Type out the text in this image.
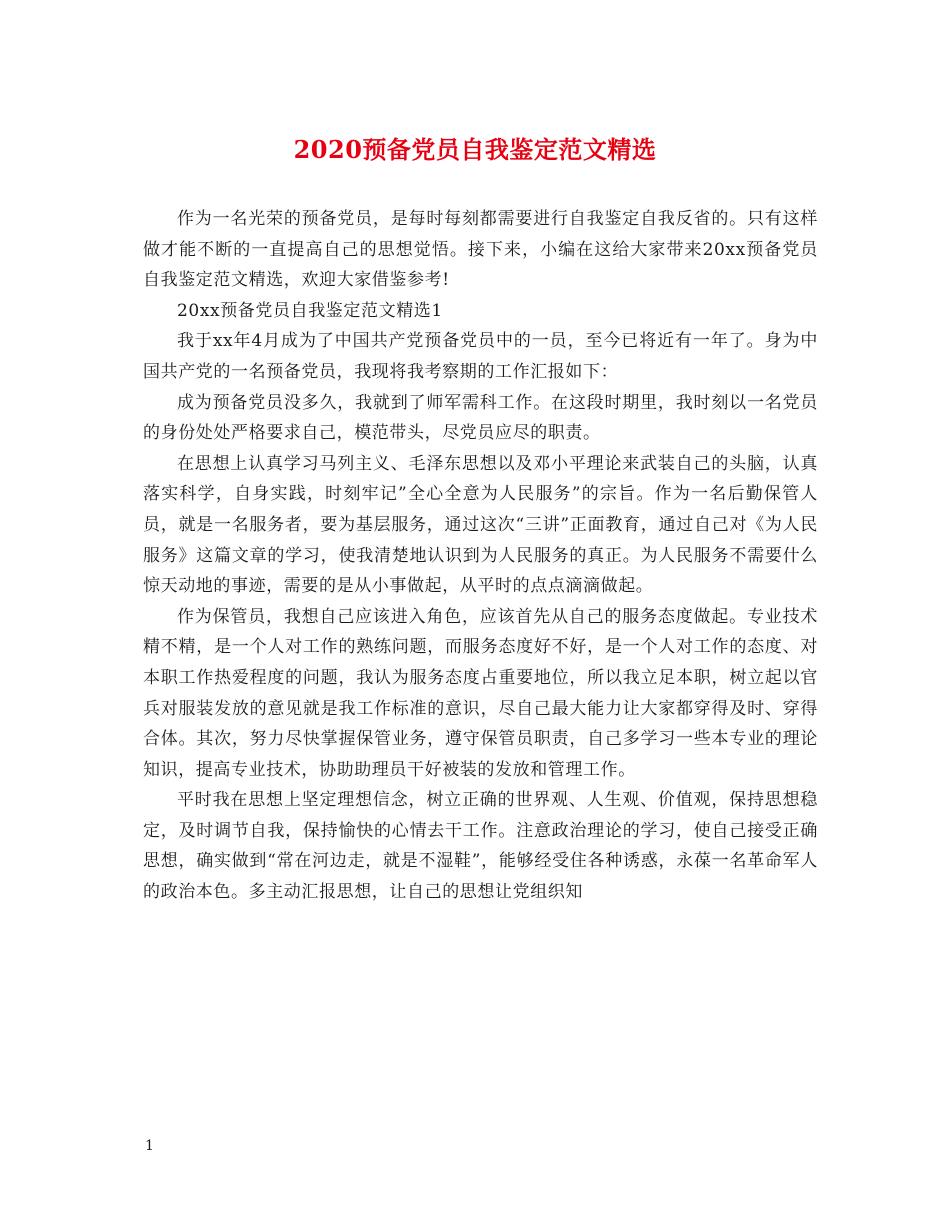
2020预备党员自我鉴定范文精选

作为一名光荣的预备党员，是每时每刻都需要进行自我鉴定自我反省的。只有这样做才能不断的一直提高自己的思想觉悟。接下来，小编在这给大家带来20xx预备党员自我鉴定范文精选，欢迎大家借鉴参考!

20xx预备党员自我鉴定范文精选1

我于xx年4月成为了中国共产党预备党员中的一员，至今已将近有一年了。身为中国共产党的一名预备党员，我现将我考察期的工作汇报如下：

成为预备党员没多久，我就到了师军需科工作。在这段时期里，我时刻以一名党员的身份处处严格要求自己，模范带头，尽党员应尽的职责。

在思想上认真学习马列主义、毛泽东思想以及邓小平理论来武装自己的头脑，认真落实科学，自身实践，时刻牢记”全心全意为人民服务”的宗旨。作为一名后勤保管人员，就是一名服务者，要为基层服务，通过这次“三讲”正面教育，通过自己对《为人民服务》这篇文章的学习，使我清楚地认识到为人民服务的真正。为人民服务不需要什么惊天动地的事迹，需要的是从小事做起，从平时的点点滴滴做起。

作为保管员，我想自己应该进入角色，应该首先从自己的服务态度做起。专业技术精不精，是一个人对工作的熟练问题，而服务态度好不好，是一个人对工作的态度、对本职工作热爱程度的问题，我认为服务态度占重要地位，所以我立足本职，树立起以官兵对服装发放的意见就是我工作标准的意识，尽自己最大能力让大家都穿得及时、穿得合体。其次，努力尽快掌握保管业务，遵守保管员职责，自己多学习一些本专业的理论知识，提高专业技术，协助助理员干好被装的发放和管理工作。

平时我在思想上坚定理想信念，树立正确的世界观、人生观、价值观，保持思想稳定，及时调节自我，保持愉快的心情去干工作。注意政治理论的学习，使自己接受正确思想，确实做到“常在河边走，就是不湿鞋”，能够经受住各种诱惑，永葆一名革命军人的政治本色。多主动汇报思想，让自己的思想让党组织知

1
